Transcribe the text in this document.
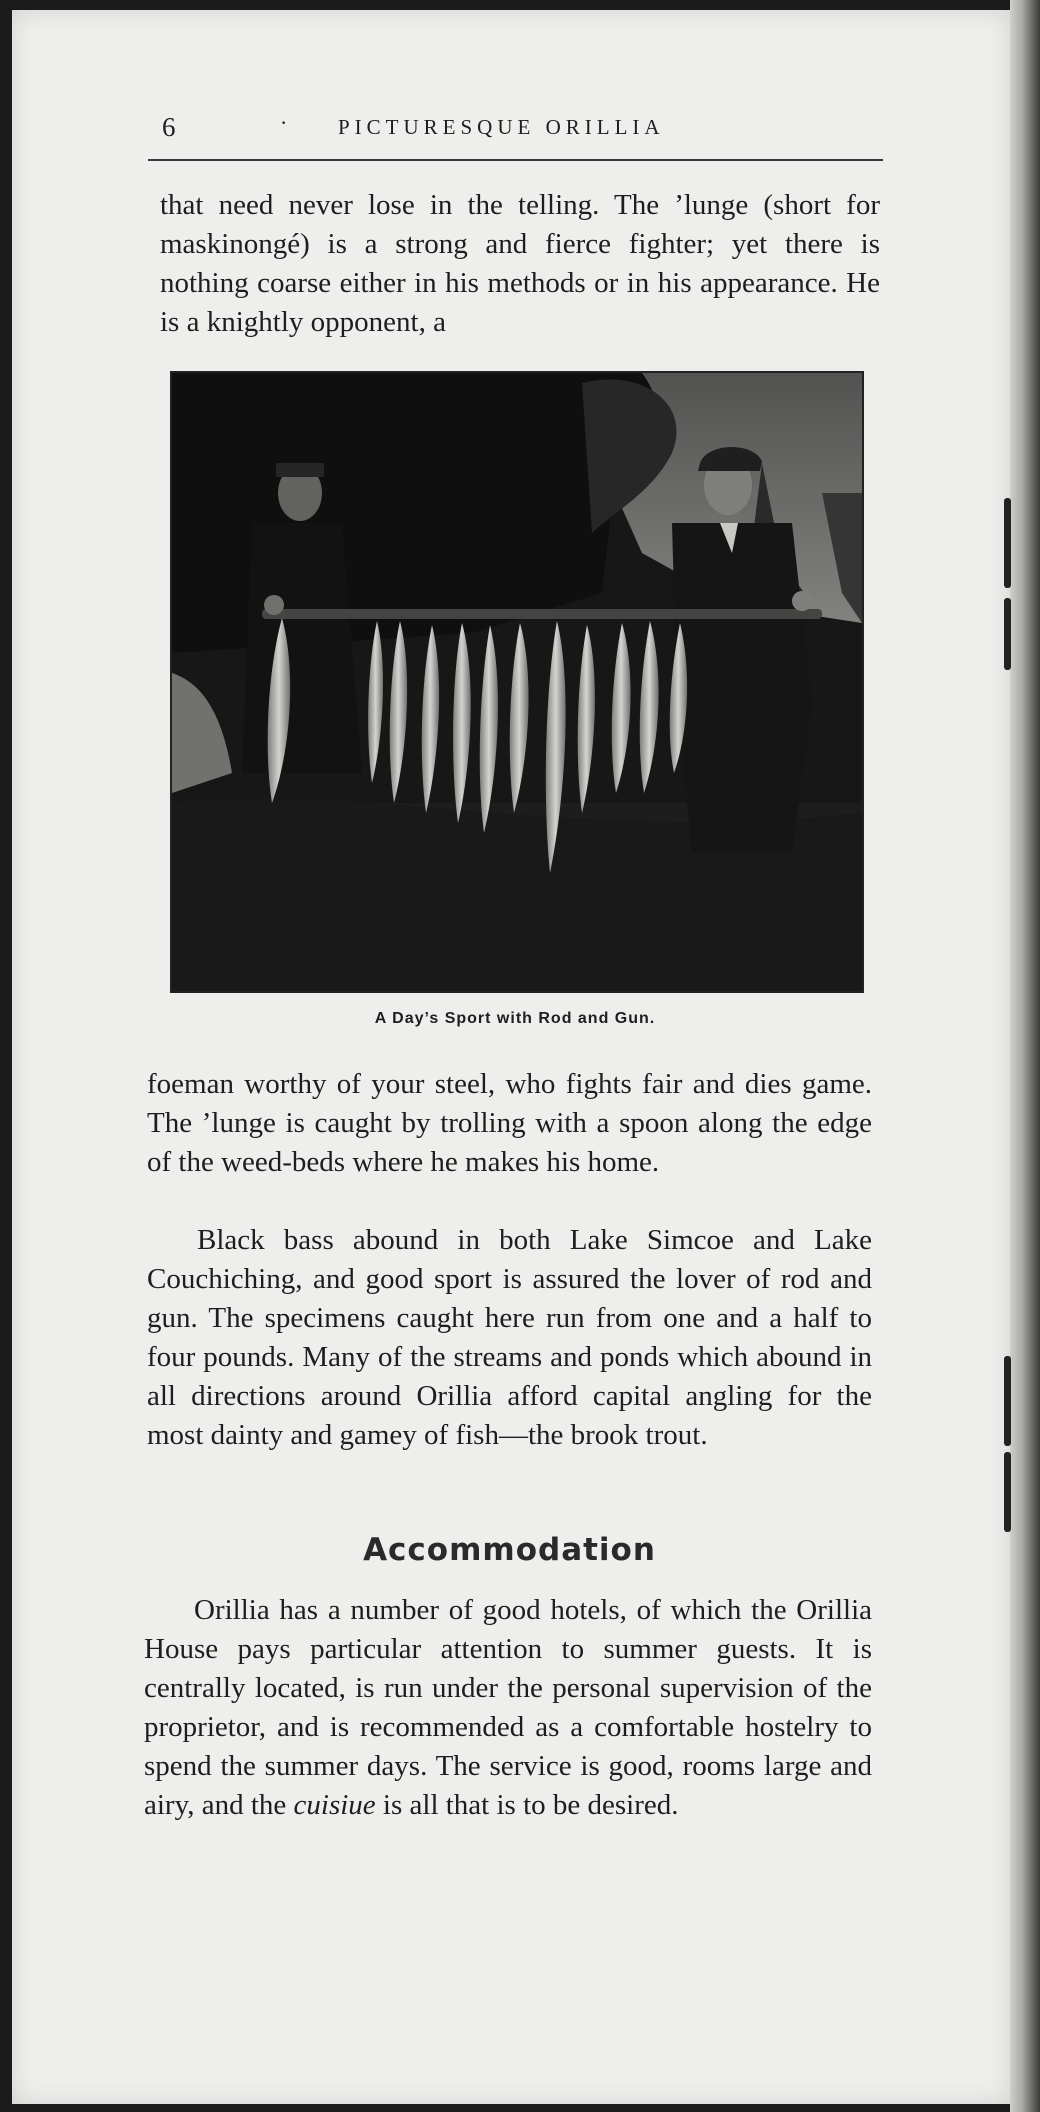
6	· PICTURESQUE ORILLIA

that need never lose in the telling. The ’lunge (short for maskinongé) is a strong and fierce fighter; yet there is nothing coarse either in his methods or in his appearance. He is a knightly opponent, a

A Day’s Sport with Rod and Gun.

foeman worthy of your steel, who fights fair and dies game. The ’lunge is caught by trolling with a spoon along the edge of the weed-beds where he makes his home.

Black bass abound in both Lake Simcoe and Lake Couchiching, and good sport is assured the lover of rod and gun. The specimens caught here run from one and a half to four pounds. Many of the streams and ponds which abound in all directions around Orillia afford capital angling for the most dainty and gamey of fish—the brook trout.

Accommodation

Orillia has a number of good hotels, of which the Orillia House pays particular attention to summer guests. It is centrally located, is run under the personal supervision of the proprietor, and is recommended as a comfortable hostelry to spend the summer days. The service is good, rooms large and airy, and the cuisiue is all that is to be desired.
